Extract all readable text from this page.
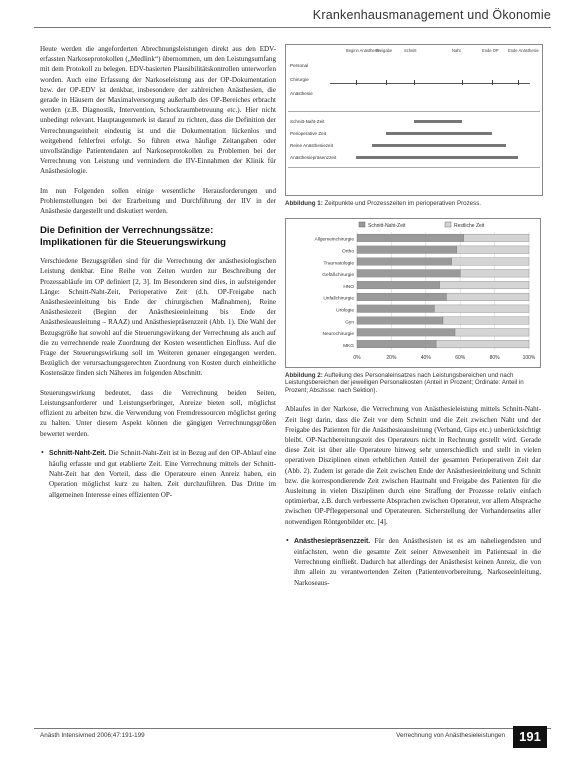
Krankenhausmanagement und Ökonomie

Heute werden die angeforderten Abrechnungsleistungen direkt aus den EDV-erfassten Narkoseprotokollen („Medlink“) übernommen, um den Leistungsumfang mit dem Protokoll zu belegen. EDV-basierten Plausibilitätskontrollen unterworfen worden. Auch eine Erfassung der Narkoseleistung aus der OP-Dokumentation bzw. der OP-EDV ist denkbar, insbesondere der zahlreichen Anästhesien, die gerade in Häusern der Maximalversorgung außerhalb des OP-Bereiches erbracht werden (z.B. Diagnostik, Intervention, Schockraumbetreuung etc.). Hier nicht unbedingt relevant. Hauptaugenmerk ist darauf zu richten, dass die Definition der Verrechnungseinheit eindeutig ist und die Dokumentation lückenlos und weitgehend fehlerfrei erfolgt. So führen etwa häufige Zeitangaben oder unvollständige Patientendaten auf Narkoseprotokollen zu Problemen bei der Verrechnung von Leistung und vermindern die IIV-Einnahmen der Klinik für Anästhesiologie.

Im nun Folgenden sollen einige wesentliche Herausforderungen und Problemstellungen bei der Erarbeitung und Durchführung der IIV in der Anästhesie dargestellt und diskutiert werden.

Die Definition der Verrechnungssätze: Implikationen für die Steuerungswirkung

Verschiedene Bezugsgrößen sind für die Verrechnung der anästhesiologischen Leistung denkbar. Eine Reihe von Zeiten wurden zur Beschreibung der Prozessabläufe im OP definiert [2, 3]. Im Besonderen sind dies, in aufsteigender Länge: Schnitt-Naht-Zeit, Perioperative Zeit (d.h. OP-Freigabe nach Anästhesieeinleitung bis Ende der chirurgischen Maßnahmen), Reine Anästhesiezeit (Beginn der Anästhesieeinleitung bis Ende der Anästhesieausleitung – RAAZ) und Anästhesiepräsenzzeit (Abb. 1). Die Wahl der Bezugsgröße hat sowohl auf die Steuerungswirkung der Verrechnung als auch auf die zu verrechnende reale Zuordnung der Kosten wesentlichen Einfluss. Auf die Frage der Steuerungswirkung soll im Weiteren genauer eingegangen werden. Bezüglich der verursachungsgerechten Zuordnung von Kosten durch einheitliche Kostensätze finden sich Näheres im folgenden Abschnitt.

Steuerungswirkung bedeutet, dass die Verrechnung beiden Seiten, Leistungsanforderer und Leistungserbringer, Anreize bieten soll, möglichst effizient zu arbeiten bzw. die Verwendung von Fremdressourcen möglichst gering zu halten. Unter diesem Aspekt können die gängigen Verrechnungsgrößen bewertet werden.

• Schnitt-Naht-Zeit. Die Schnitt-Naht-Zeit ist in Bezug auf den OP-Ablauf eine häufig erfasste und gut etablierte Zeit. Eine Verrechnung mittels der Schnitt-Naht-Zeit hat den Vorteil, dass die Operateure einen Anreiz haben, ein Operation möglichst kurz zu halten. Zeit durchzuführen. Das Dritte im allgemeinen Interesse eines effizienten OP-
Beginn Anästhesie
Freigabe	Schnitt	Naht	Ende OP	Ende Anästhesie
Personal
Chirurgie
Anästhesie
Schnitt-Naht-Zeit
Perioperative Zeit
Reine Anästhesiezeit
Anästhesiepräsenzzeit
Abbildung 1: Zeitpunkte und Prozesszeiten im perioperativen Prozess.
Schnitt-Naht-Zeit	Restliche Zeit
0%	20%	40%	60%	80%	100%
Allgemeinchirurgie
Ortho
Traumatologie
Gefäßchirurgie
HNO
Unfallchirurgie
Urologie
Gyn
Neurochirurgie
MKG
Abbildung 2: Aufteilung des Personaleinsatzes nach Leistungsbereichen und nach Leistungsbereichen der jeweiligen Personalkosten (Anteil in Prozent; Ordinate: Anteil in Prozent; Abszisse: nach Sektion).

Ablaufes in der Narkose, die Verrechnung von Anästhesieleistung mittels Schnitt-Naht-Zeit liegt darin, dass die Zeit vor dem Schnitt und die Zeit zwischen Naht und der Freigabe des Patienten für die Anästhesieausleitung (Verband, Gips etc.) unberücksichtigt bleibt. OP-Nachbereitungszeit des Operateurs nicht in Rechnung gestellt wird. Gerade diese Zeit ist über alle Operateure hinweg sehr unterschiedlich und stellt in vielen operativen Disziplinen einen erheblichen Anteil der gesamten Perioperativen Zeit dar (Abb. 2). Zudem ist gerade die Zeit zwischen Ende der Anästhesieeinleitung und Schnitt bzw. die korrespondierende Zeit zwischen Hautnaht und Freigabe des Patienten für die Ausleitung in vielen Disziplinen durch eine Straffung der Prozesse relativ einfach optimierbar, z.B. durch verbesserte Absprachen zwischen Operateur, vor allem Absprache zwischen OP-Pflegepersonal und Operateuren. Sicherstellung der Vorhandenseins aller notwendigen Röntgenbilder etc. [4].

• Anästhesiepräsenzzeit. Für den Anästhesisten ist es am naheliegendsten und einfachsten, wenn die gesamte Zeit seiner Anwesenheit im Patientsaal in die Verrechnung einfließt. Dadurch hat allerdings der Anästhesist keinen Anreiz, die von ihm allein zu verantwortenden Zeiten (Patientenvorbereitung, Narkoseeinleitung, Narkoseaus-
Anästh Intensivmed 2006;47:191-199	Verrechnung von Anästhesieleistungen	191
